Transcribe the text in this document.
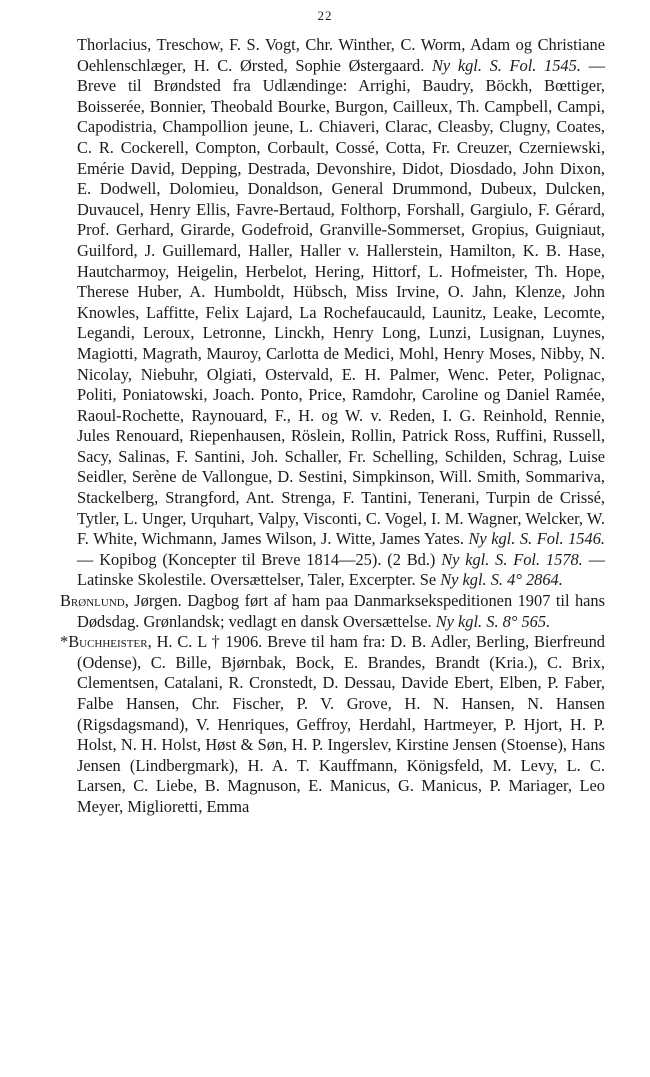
22

Thorlacius, Treschow, F. S. Vogt, Chr. Winther, C. Worm, Adam og Christiane Oehlenschlæger, H. C. Ørsted, Sophie Østergaard. Ny kgl. S. Fol. 1545. — Breve til Brøndsted fra Udlændinge: Arrighi, Baudry, Böckh, Bœttiger, Boisserée, Bonnier, Theobald Bourke, Burgon, Cailleux, Th. Campbell, Campi, Capodistria, Champollion jeune, L. Chiaveri, Clarac, Cleasby, Clugny, Coates, C. R. Cockerell, Compton, Corbault, Cossé, Cotta, Fr. Creuzer, Czerniewski, Emérie David, Depping, Destrada, Devonshire, Didot, Diosdado, John Dixon, E. Dodwell, Dolomieu, Donaldson, General Drummond, Dubeux, Dulcken, Duvaucel, Henry Ellis, Favre-Bertaud, Folthorp, Forshall, Gargiulo, F. Gérard, Prof. Gerhard, Girarde, Godefroid, Granville-Sommerset, Gropius, Guigniaut, Guilford, J. Guillemard, Haller, Haller v. Hallerstein, Hamilton, K. B. Hase, Hautcharmoy, Heigelin, Herbelot, Hering, Hittorf, L. Hofmeister, Th. Hope, Therese Huber, A. Humboldt, Hübsch, Miss Irvine, O. Jahn, Klenze, John Knowles, Laffitte, Felix Lajard, La Rochefaucauld, Launitz, Leake, Lecomte, Legandi, Leroux, Letronne, Linckh, Henry Long, Lunzi, Lusignan, Luynes, Magiotti, Magrath, Mauroy, Carlotta de Medici, Mohl, Henry Moses, Nibby, N. Nicolay, Niebuhr, Olgiati, Ostervald, E. H. Palmer, Wenc. Peter, Polignac, Politi, Poniatowski, Joach. Ponto, Price, Ramdohr, Caroline og Daniel Ramée, Raoul-Rochette, Raynouard, F., H. og W. v. Reden, I. G. Reinhold, Rennie, Jules Renouard, Riepenhausen, Röslein, Rollin, Patrick Ross, Ruffini, Russell, Sacy, Salinas, F. Santini, Joh. Schaller, Fr. Schelling, Schilden, Schrag, Luise Seidler, Serène de Vallongue, D. Sestini, Simpkinson, Will. Smith, Sommariva, Stackelberg, Strangford, Ant. Strenga, F. Tantini, Tenerani, Turpin de Crissé, Tytler, L. Unger, Urquhart, Valpy, Visconti, C. Vogel, I. M. Wagner, Welcker, W. F. White, Wichmann, James Wilson, J. Witte, James Yates. Ny kgl. S. Fol. 1546. — Kopibog (Koncepter til Breve 1814—25). (2 Bd.) Ny kgl. S. Fol. 1578. — Latinske Skolestile. Oversættelser, Taler, Excerpter. Se Ny kgl. S. 4° 2864.

Brønlund, Jørgen. Dagbog ført af ham paa Danmarksekspeditionen 1907 til hans Dødsdag. Grønlandsk; vedlagt en dansk Oversættelse. Ny kgl. S. 8° 565.

*Buchheister, H. C. L † 1906. Breve til ham fra: D. B. Adler, Berling, Bierfreund (Odense), C. Bille, Bjørnbak, Bock, E. Brandes, Brandt (Kria.), C. Brix, Clementsen, Catalani, R. Cronstedt, D. Dessau, Davide Ebert, Elben, P. Faber, Falbe Hansen, Chr. Fischer, P. V. Grove, H. N. Hansen, N. Hansen (Rigsdagsmand), V. Henriques, Geffroy, Herdahl, Hartmeyer, P. Hjort, H. P. Holst, N. H. Holst, Høst & Søn, H. P. Ingerslev, Kirstine Jensen (Stoense), Hans Jensen (Lindbergmark), H. A. T. Kauffmann, Königsfeld, M. Levy, L. C. Larsen, C. Liebe, B. Magnuson, E. Manicus, G. Manicus, P. Mariager, Leo Meyer, Miglioretti, Emma
